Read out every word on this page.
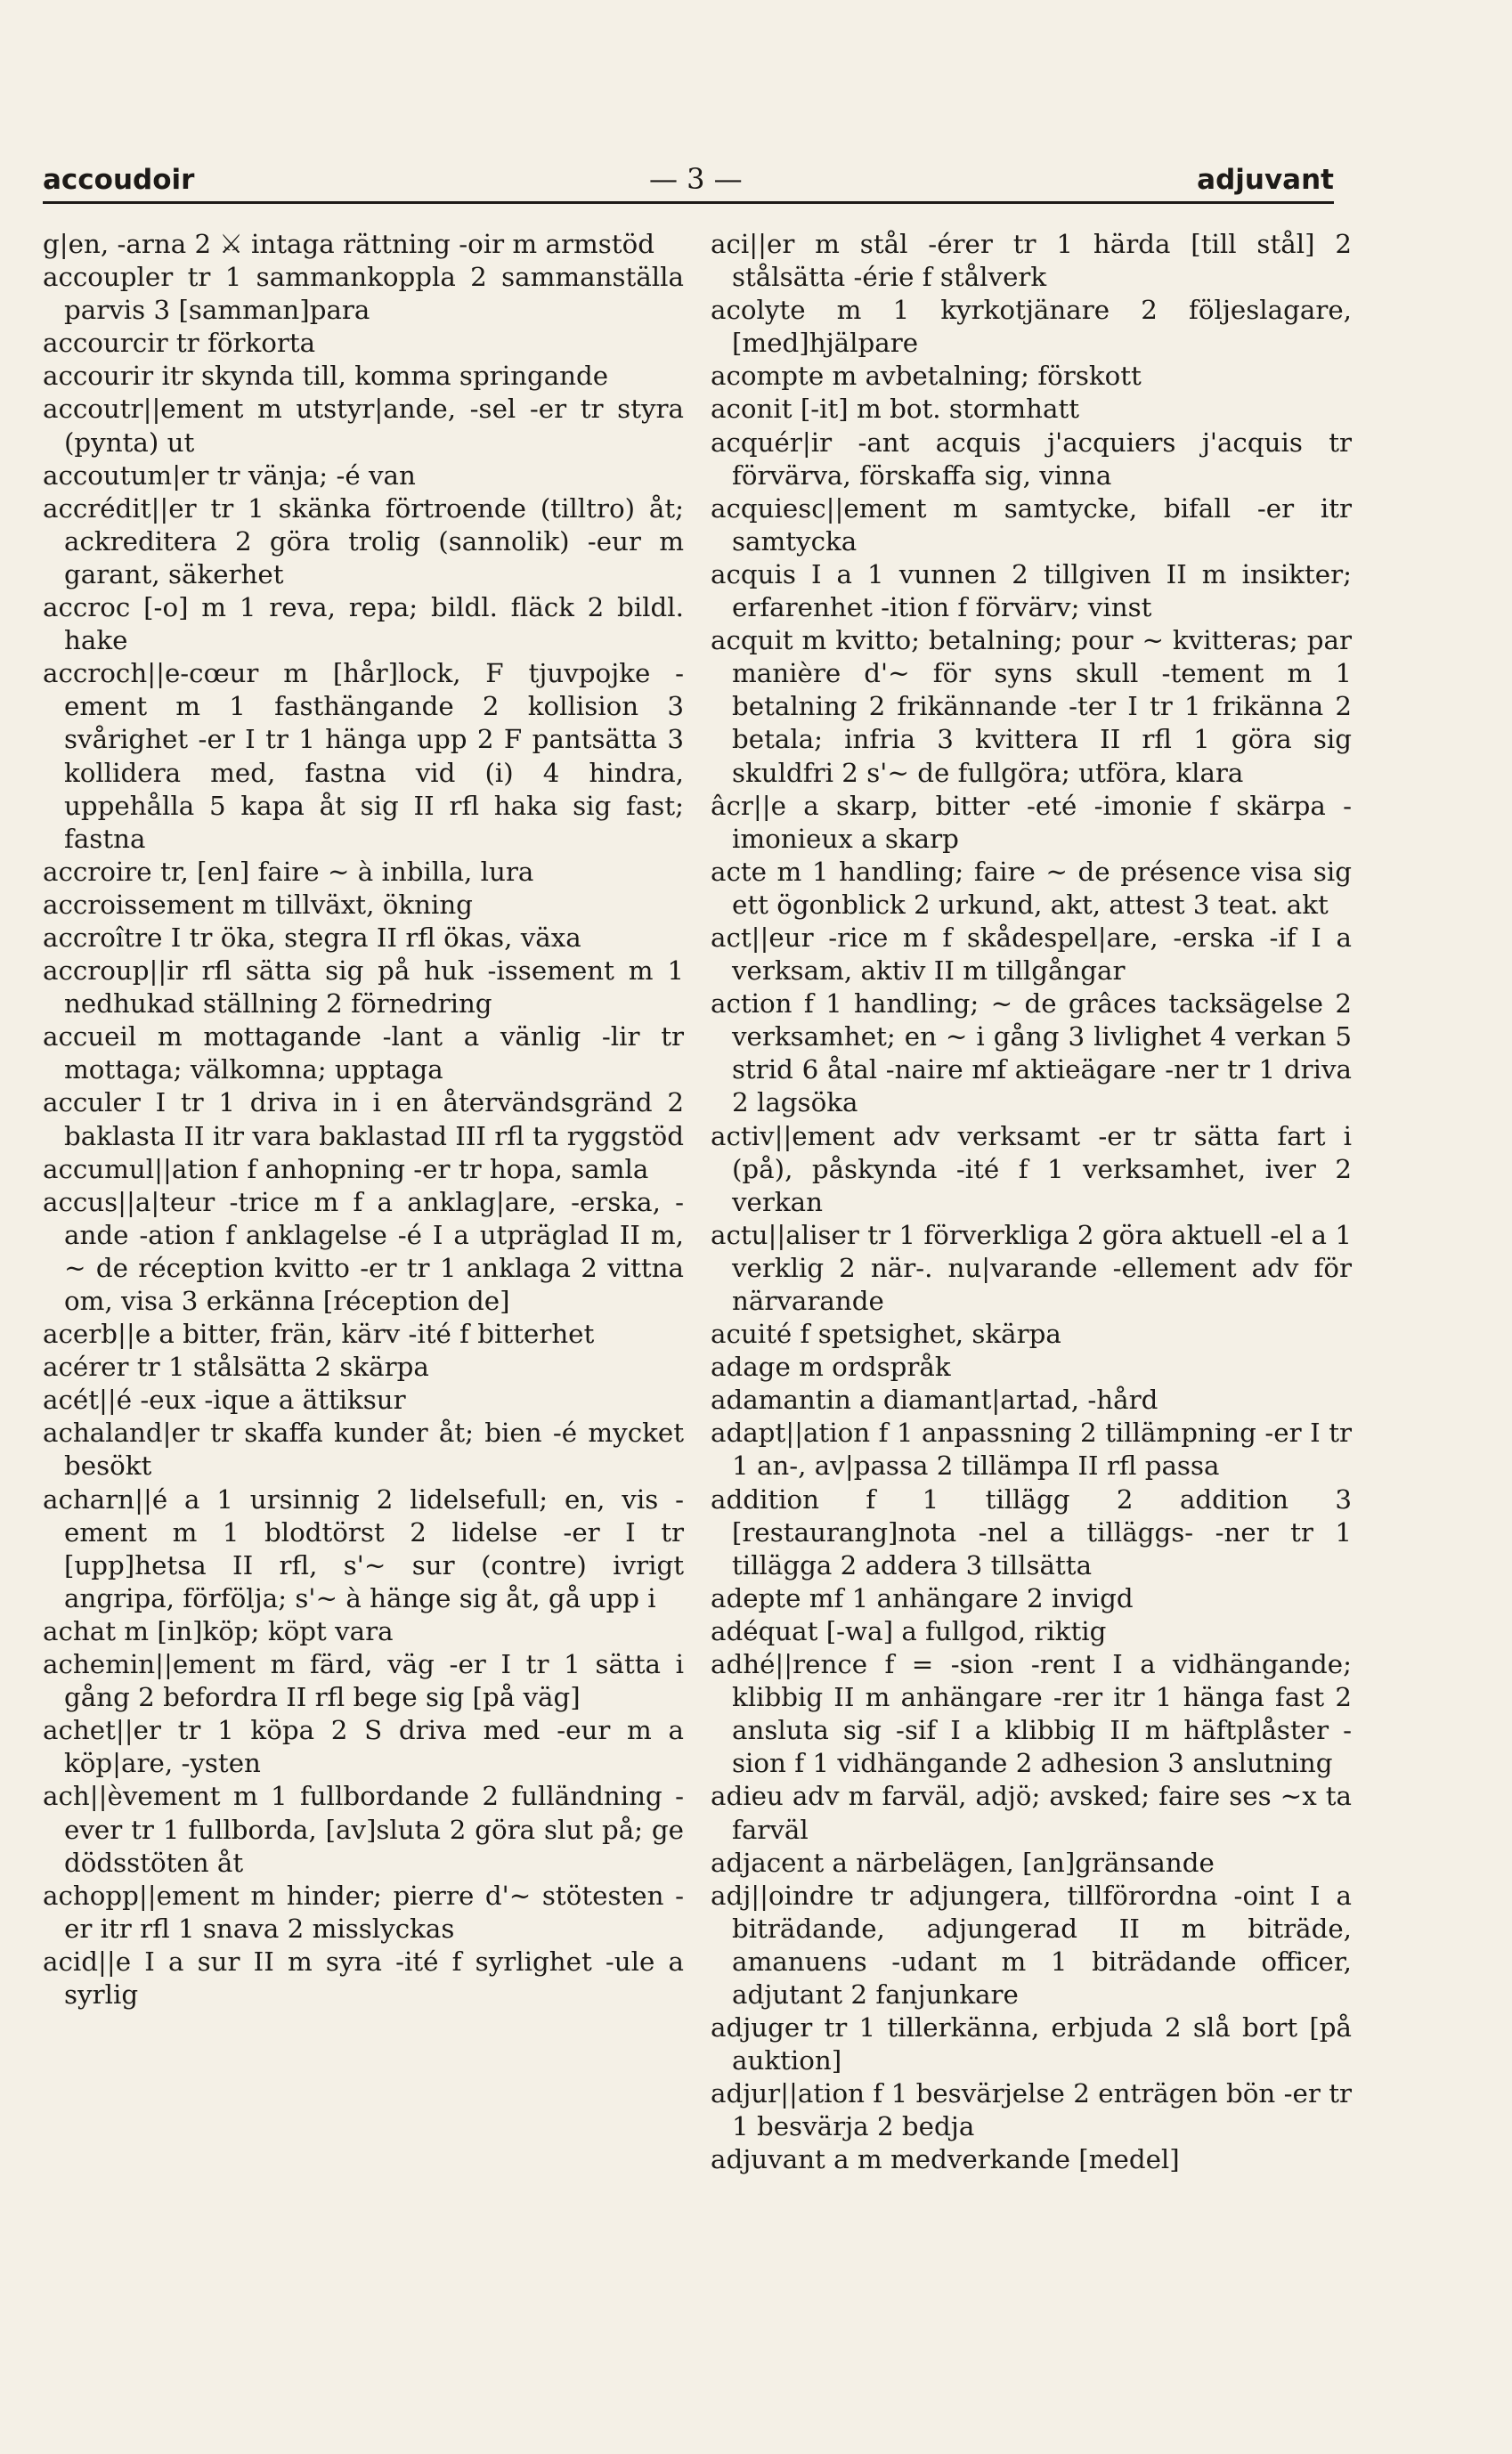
accoudoir	— 3 —	adjuvant
g|en, -arna 2 ⚔ intaga rättning -oir m armstöd
accoupler tr 1 sammankoppla 2 sammanställa parvis 3 [samman]para
accourcir tr förkorta
accourir itr skynda till, komma springande
accoutr||ement m utstyr|ande, -sel -er tr styra (pynta) ut
accoutum|er tr vänja; -é van
accrédit||er tr 1 skänka förtroende (tilltro) åt; ackreditera 2 göra trolig (sannolik) -eur m garant, säkerhet
accroc [-o] m 1 reva, repa; bildl. fläck 2 bildl. hake
accroch||e-cœur m [hår]lock, F tjuvpojke -ement m 1 fasthängande 2 kollision 3 svårighet -er I tr 1 hänga upp 2 F pantsätta 3 kollidera med, fastna vid (i) 4 hindra, uppehålla 5 kapa åt sig II rfl haka sig fast; fastna
accroire tr, [en] faire ~ à inbilla, lura
accroissement m tillväxt, ökning
accroître I tr öka, stegra II rfl ökas, växa
accroup||ir rfl sätta sig på huk -issement m 1 nedhukad ställning 2 förnedring
accueil m mottagande -lant a vänlig -lir tr mottaga; välkomna; upptaga
acculer I tr 1 driva in i en återvändsgränd 2 baklasta II itr vara baklastad III rfl ta ryggstöd
accumul||ation f anhopning -er tr hopa, samla
accus||a|teur -trice m f a anklag|are, -erska, -ande -ation f anklagelse -é I a utpräglad II m, ~ de réception kvitto -er tr 1 anklaga 2 vittna om, visa 3 erkänna [réception de]
acerb||e a bitter, frän, kärv -ité f bitterhet
acérer tr 1 stålsätta 2 skärpa
acét||é -eux -ique a ättiksur
achaland|er tr skaffa kunder åt; bien -é mycket besökt
acharn||é a 1 ursinnig 2 lidelsefull; en, vis -ement m 1 blodtörst 2 lidelse -er I tr [upp]hetsa II rfl, s'~ sur (contre) ivrigt angripa, förfölja; s'~ à hänge sig åt, gå upp i
achat m [in]köp; köpt vara
achemin||ement m färd, väg -er I tr 1 sätta i gång 2 befordra II rfl bege sig [på väg]
achet||er tr 1 köpa 2 S driva med -eur m a köp|are, -ysten
ach||èvement m 1 fullbordande 2 fulländning -ever tr 1 fullborda, [av]sluta 2 göra slut på; ge dödsstöten åt
achopp||ement m hinder; pierre d'~ stötesten -er itr rfl 1 snava 2 misslyckas
acid||e I a sur II m syra -ité f syrlighet -ule a syrlig
aci||er m stål -érer tr 1 härda [till stål] 2 stålsätta -érie f stålverk
acolyte m 1 kyrkotjänare 2 följeslagare, [med]hjälpare
acompte m avbetalning; förskott
aconit [-it] m bot. stormhatt
acquér|ir -ant acquis j'acquiers j'acquis tr förvärva, förskaffa sig, vinna
acquiesc||ement m samtycke, bifall -er itr samtycka
acquis I a 1 vunnen 2 tillgiven II m insikter; erfarenhet -ition f förvärv; vinst
acquit m kvitto; betalning; pour ~ kvitteras; par manière d'~ för syns skull -tement m 1 betalning 2 frikännande -ter I tr 1 frikänna 2 betala; infria 3 kvittera II rfl 1 göra sig skuldfri 2 s'~ de fullgöra; utföra, klara
âcr||e a skarp, bitter -eté -imonie f skärpa -imonieux a skarp
acte m 1 handling; faire ~ de présence visa sig ett ögonblick 2 urkund, akt, attest 3 teat. akt
act||eur -rice m f skådespel|are, -erska -if I a verksam, aktiv II m tillgångar
action f 1 handling; ~ de grâces tacksägelse 2 verksamhet; en ~ i gång 3 livlighet 4 verkan 5 strid 6 åtal -naire mf aktieägare -ner tr 1 driva 2 lagsöka
activ||ement adv verksamt -er tr sätta fart i (på), påskynda -ité f 1 verksamhet, iver 2 verkan
actu||aliser tr 1 förverkliga 2 göra aktuell -el a 1 verklig 2 när-. nu|varande -ellement adv för närvarande
acuité f spetsighet, skärpa
adage m ordspråk
adamantin a diamant|artad, -hård
adapt||ation f 1 anpassning 2 tillämpning -er I tr 1 an-, av|passa 2 tillämpa II rfl passa
addition f 1 tillägg 2 addition 3 [restaurang]nota -nel a tilläggs- -ner tr 1 tillägga 2 addera 3 tillsätta
adepte mf 1 anhängare 2 invigd
adéquat [-wa] a fullgod, riktig
adhé||rence f = -sion -rent I a vidhängande; klibbig II m anhängare -rer itr 1 hänga fast 2 ansluta sig -sif I a klibbig II m häftplåster -sion f 1 vidhängande 2 adhesion 3 anslutning
adieu adv m farväl, adjö; avsked; faire ses ~x ta farväl
adjacent a närbelägen, [an]gränsande
adj||oindre tr adjungera, tillförordna -oint I a biträdande, adjungerad II m biträde, amanuens -udant m 1 biträdande officer, adjutant 2 fanjunkare
adjuger tr 1 tillerkänna, erbjuda 2 slå bort [på auktion]
adjur||ation f 1 besvärjelse 2 enträgen bön -er tr 1 besvärja 2 bedja
adjuvant a m medverkande [medel]
